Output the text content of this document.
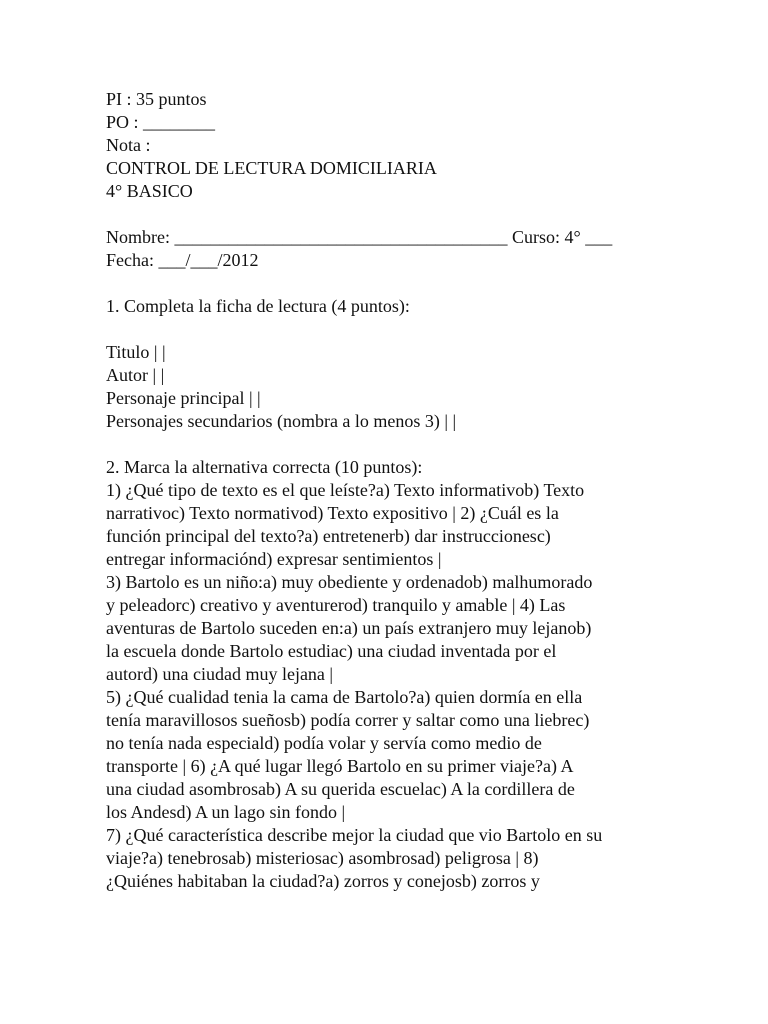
PI : 35 puntos
PO : ________
Nota :
CONTROL DE LECTURA DOMICILIARIA
4° BASICO
Nombre: _____________________________________ Curso: 4° ___
Fecha: ___/___/2012
1. Completa la ficha de lectura (4 puntos):
Titulo | |
Autor | |
Personaje principal | |
Personajes secundarios (nombra a lo menos 3) | |
2. Marca la alternativa correcta (10 puntos):
1) ¿Qué tipo de texto es el que leíste?a) Texto informativob) Texto
narrativoc) Texto normativod) Texto expositivo | 2) ¿Cuál es la
función principal del texto?a) entretenerb) dar instruccionesc)
entregar informaciónd) expresar sentimientos |
3) Bartolo es un niño:a) muy obediente y ordenadob) malhumorado
y peleadorc) creativo y aventurerod) tranquilo y amable | 4) Las
aventuras de Bartolo suceden en:a) un país extranjero muy lejanob)
la escuela donde Bartolo estudiac) una ciudad inventada por el
autord) una ciudad muy lejana |
5) ¿Qué cualidad tenia la cama de Bartolo?a) quien dormía en ella
tenía maravillosos sueñosb) podía correr y saltar como una liebrec)
no tenía nada especiald) podía volar y servía como medio de
transporte | 6) ¿A qué lugar llegó Bartolo en su primer viaje?a) A
una ciudad asombrosab) A su querida escuelac) A la cordillera de
los Andesd) A un lago sin fondo |
7) ¿Qué característica describe mejor la ciudad que vio Bartolo en su
viaje?a) tenebrosab) misteriosac) asombrosad) peligrosa | 8)
¿Quiénes habitaban la ciudad?a) zorros y conejosb) zorros y
